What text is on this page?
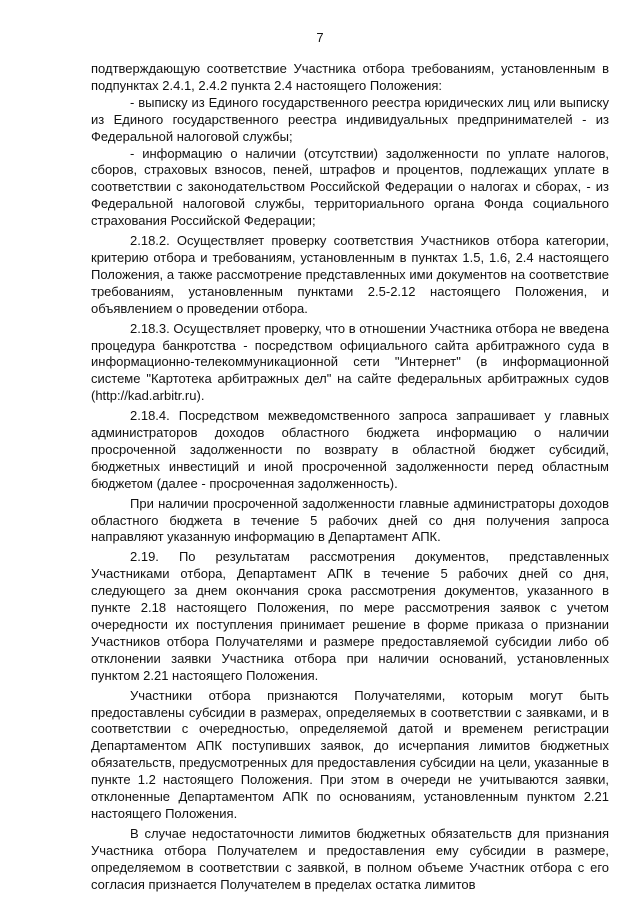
7

подтверждающую соответствие Участника отбора требованиям, установленным в подпунктах 2.4.1, 2.4.2 пункта 2.4 настоящего Положения:

- выписку из Единого государственного реестра юридических лиц или выписку из Единого государственного реестра индивидуальных предпринимателей - из Федеральной налоговой службы;

- информацию о наличии (отсутствии) задолженности по уплате налогов, сборов, страховых взносов, пеней, штрафов и процентов, подлежащих уплате в соответствии с законодательством Российской Федерации о налогах и сборах, - из Федеральной налоговой службы, территориального органа Фонда социального страхования Российской Федерации;

2.18.2. Осуществляет проверку соответствия Участников отбора категории, критерию отбора и требованиям, установленным в пунктах 1.5, 1.6, 2.4 настоящего Положения, а также рассмотрение представленных ими документов на соответствие требованиям, установленным пунктами 2.5-2.12 настоящего Положения, и объявлением о проведении отбора.

2.18.3. Осуществляет проверку, что в отношении Участника отбора не введена процедура банкротства - посредством официального сайта арбитражного суда в информационно-телекоммуникационной сети "Интернет" (в информационной системе "Картотека арбитражных дел" на сайте федеральных арбитражных судов (http://kad.arbitr.ru).

2.18.4. Посредством межведомственного запроса запрашивает у главных администраторов доходов областного бюджета информацию о наличии просроченной задолженности по возврату в областной бюджет субсидий, бюджетных инвестиций и иной просроченной задолженности перед областным бюджетом (далее - просроченная задолженность).

При наличии просроченной задолженности главные администраторы доходов областного бюджета в течение 5 рабочих дней со дня получения запроса направляют указанную информацию в Департамент АПК.

2.19. По результатам рассмотрения документов, представленных Участниками отбора, Департамент АПК в течение 5 рабочих дней со дня, следующего за днем окончания срока рассмотрения документов, указанного в пункте 2.18 настоящего Положения, по мере рассмотрения заявок с учетом очередности их поступления принимает решение в форме приказа о признании Участников отбора Получателями и размере предоставляемой субсидии либо об отклонении заявки Участника отбора при наличии оснований, установленных пунктом 2.21 настоящего Положения.

Участники отбора признаются Получателями, которым могут быть предоставлены субсидии в размерах, определяемых в соответствии с заявками, и в соответствии с очередностью, определяемой датой и временем регистрации Департаментом АПК поступивших заявок, до исчерпания лимитов бюджетных обязательств, предусмотренных для предоставления субсидии на цели, указанные в пункте 1.2 настоящего Положения. При этом в очереди не учитываются заявки, отклоненные Департаментом АПК по основаниям, установленным пунктом 2.21 настоящего Положения.

В случае недостаточности лимитов бюджетных обязательств для признания Участника отбора Получателем и предоставления ему субсидии в размере, определяемом в соответствии с заявкой, в полном объеме Участник отбора с его согласия признается Получателем в пределах остатка лимитов
